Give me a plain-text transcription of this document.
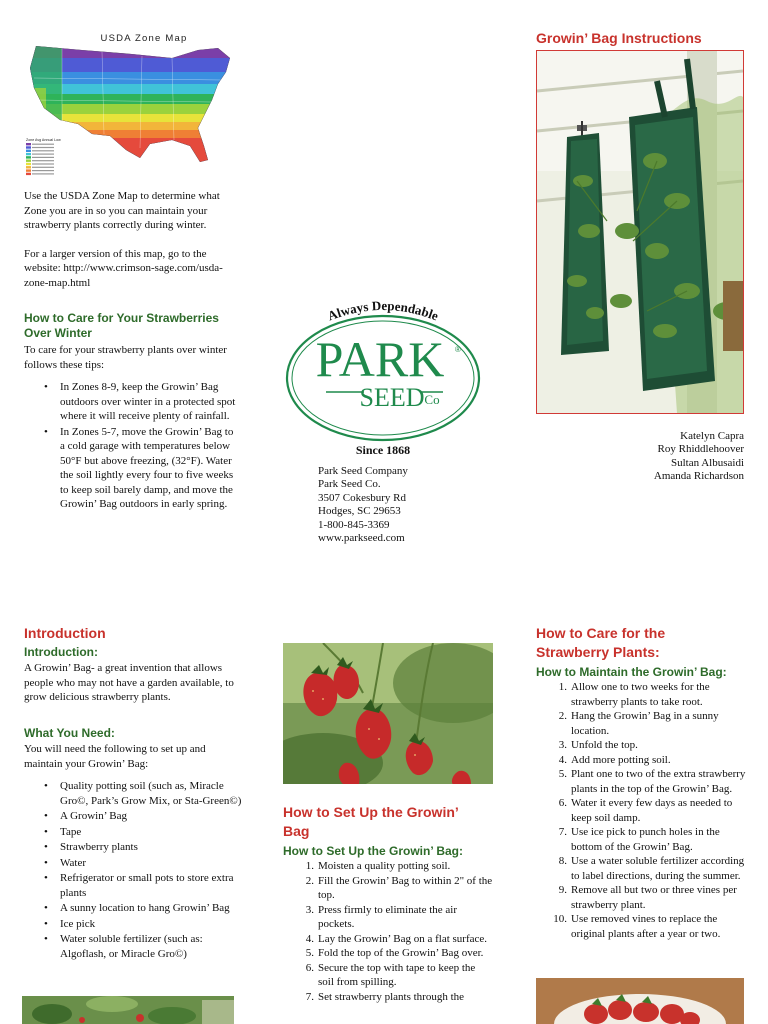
USDA Zone Map
Zone Avg Annual Low

Use the USDA Zone Map to determine what Zone you are in so you can maintain your strawberry plants correctly during winter.

For a larger version of this map, go to the website: http://www.crimson-sage.com/usda-zone-map.html

How to Care for Your Strawberries Over Winter

To care for your strawberry plants over winter follows these tips:

• In Zones 8-9, keep the Growin’ Bag outdoors over winter in a protected spot where it will receive plenty of rainfall.
• In Zones 5-7, move the Growin’ Bag to a cold garage with temperatures below 50°F but above freezing, (32°F). Water the soil lightly every four to five weeks to keep soil barely damp, and move the Growin’ Bag outdoors in early spring.
Always Dependable
PARK ®
SEED Co
Since 1868
Park Seed Company
Park Seed Co.
3507 Cokesbury Rd
Hodges, SC 29653
1-800-845-3369
www.parkseed.com
Growin’ Bag Instructions
Katelyn Capra
Roy Rhiddlehoover
Sultan Albusaidi
Amanda Richardson
Introduction
Introduction:
A Growin’ Bag- a great invention that allows people who may not have a garden available, to grow delicious strawberry plants.
What You Need:

You will need the following to set up and maintain your Growin’ Bag:

• Quality potting soil (such as, Miracle Gro©, Park’s Grow Mix, or Sta-Green©)
• A Growin’ Bag
• Tape
• Strawberry plants
• Water
• Refrigerator or small pots to store extra plants
• A sunny location to hang Growin’ Bag
• Ice pick
• Water soluble fertilizer (such as: Algoflash, or Miracle Gro©)
How to Set Up the Growin’ Bag
How to Set Up the Growin’ Bag:
1. Moisten a quality potting soil.
2. Fill the Growin’ Bag to within 2" of the top.
3. Press firmly to eliminate the air pockets.
4. Lay the Growin’ Bag on a flat surface.
5. Fold the top of the Growin’ Bag over.
6. Secure the top with tape to keep the soil from spilling.
7. Set strawberry plants through the
How to Care for the Strawberry Plants:
How to Maintain the Growin’ Bag:
1. Allow one to two weeks for the strawberry plants to take root.
2. Hang the Growin’ Bag in a sunny location.
3. Unfold the top.
4. Add more potting soil.
5. Plant one to two of the extra strawberry plants in the top of the Growin’ Bag.
6. Water it every few days as needed to keep soil damp.
7. Use ice pick to punch holes in the bottom of the Growin’ Bag.
8. Use a water soluble fertilizer according to label directions, during the summer.
9. Remove all but two or three vines per strawberry plant.
10. Use removed vines to replace the original plants after a year or two.
